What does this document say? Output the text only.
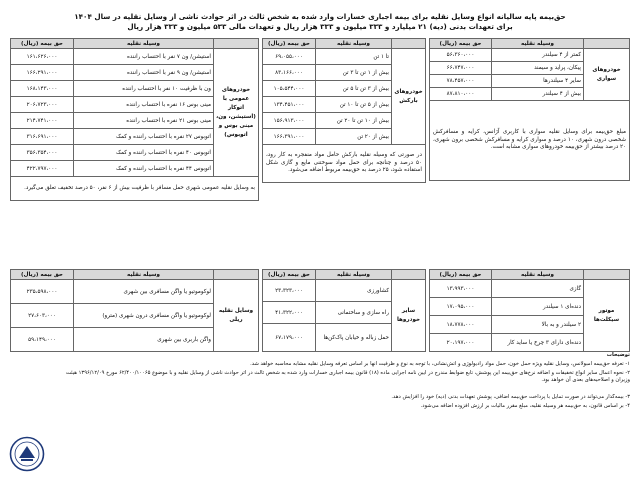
حق‌بیمه پایه سالیانه انواع وسایل نقلیه برای بیمه اجباری خسارات وارد شده به شخص ثالث در اثر حوادث ناشی از وسایل نقلیه در سال ۱۴۰۴
برای تعهدات بدنی (دیه) ۲۱ میلیارد و ۳۳۳ میلیون و ۳۳۳ هزار ریال و تعهدات مالی ۵۳۳ میلیون و ۳۳۳ هزار ریال
	وسیله نقلیه	حق بیمه (ریال)
خودروهای سواری	کمتر از ۴ سیلندر	۵۶،۳۶۰،۰۰۰
	پیکان، پراید و سیمند	۶۶،۷۴۷،۰۰۰
	سایر ۴ سیلندرها	۷۸،۴۵۷،۰۰۰
	بیش از ۴ سیلندر	۸۷،۸۱۰،۰۰۰
مبلغ حق‌بیمه برای وسایل نقلیه سواری با کاربری آژانس، کرایه و مسافرکش شخصی درون شهری، ۱۰ درصد و سواری کرایه و مسافرکش شخصی برون شهری، ۲۰ درصد بیشتر از حق‌بیمه خودروهای سواری مشابه است.		
	وسیله نقلیه	حق بیمه (ریال)
خودروهای بارکش	تا ۱ تن	۶۹،۰۵۵،۰۰۰
	بیش از ۱ تن تا ۳ تن	۸۳،۱۶۶،۰۰۰
	بیش از ۳ تن تا ۵ تن	۱۰۵،۵۴۴،۰۰۰
	بیش از ۵ تن تا ۱۰ تن	۱۳۴،۴۵۱،۰۰۰
	بیش از ۱۰ تن تا ۲۰ تن	۱۵۶،۹۱۳،۰۰۰
	بیش از ۲۰ تن	۱۶۶،۳۹۱،۰۰۰
در صورتی که وسیله نقلیه بارکش حامل مواد منفجره به کار رود، ۵۰ درصد و چنانچه برای حمل مواد سوختنی مایع و گازی شکل استفاده شود، ۲۵ درصد به حق‌بیمه مربوط اضافه می‌شود.		
	وسیله نقلیه	حق بیمه (ریال)
خودروهای عمومی با اتوکار (استیشن، ون، مینی بوس و اتوبوس)	استیشن/ ون ۷ نفر با احتساب راننده	۱۶۱،۶۲۶،۰۰۰
	استیشن/ ون ۹ نفر با احتساب راننده	۱۶۶،۲۹۱،۰۰۰
	ون با ظرفیت ۱۰ نفر با احتساب راننده	۱۶۸،۱۴۳،۰۰۰
	مینی بوس ۱۶ نفره با احتساب راننده	۲۰۶،۷۲۳،۰۰۰
	مینی بوس ۲۱ نفره با احتساب راننده	۲۱۴،۷۴۱،۰۰۰
	اتوبوس ۲۷ نفره با احتساب راننده و کمک	۳۱۶،۶۹۱،۰۰۰
	اتوبوس ۴۰ نفره با احتساب راننده و کمک	۳۵۶،۳۵۴،۰۰۰
	اتوبوس ۴۴ نفره با احتساب راننده و کمک	۴۲۲،۷۹۷،۰۰۰
به وسایل نقلیه عمومی شهری حمل مسافر با ظرفیت بیش از ۶ نفر، ۵۰ درصد تخفیف تعلق می‌گیرد.		
	وسیله نقلیه	حق بیمه (ریال)
موتور سیکلت‌ها	گازی	۱۳،۹۹۳،۰۰۰
	دنده‌ای ۱ سیلندر	۱۷،۰۹۵،۰۰۰
	۲ سیلندر و به بالا	۱۸،۷۷۸،۰۰۰
	دنده‌ای دارای ۳ چرخ یا ساید کار	۲۰،۱۹۷،۰۰۰
	وسیله نقلیه	حق بیمه (ریال)
سایر خودروها	کشاورزی	۲۳،۳۲۳،۰۰۰
	راه سازی و ساختمانی	۴۱،۳۲۲،۰۰۰
	حمل زباله و خیابان پاک‌کن‌ها	۶۷،۱۷۹،۰۰۰
	وسیله نقلیه	حق بیمه (ریال)
وسایل نقلیه ریلی	لوکوموتیو یا واگن مسافری بین شهری	۲۳۵،۵۹۸،۰۰۰
	لوکوموتیو یا واگن مسافری درون شهری (مترو)	۲۷،۶۰۳،۰۰۰
	واگن باربری بین شهری	۵۹،۱۴۹،۰۰۰
توضیحات
۱- تعرفه حق‌بیمه آمبولانس، وسایل نقلیه ویژه حمل خون، حمل مواد رادیولوژی و آتش‌نشانی، با توجه به نوع و ظرفیت آنها بر اساس تعرفه وسایل نقلیه مشابه محاسبه خواهد شد.
۲- نحوه اعمال سایر انواع تخفیفات و اضافه نرخ‌های حق‌بیمه این پوشش، تابع ضوابط مندرج در آیین نامه اجرایی ماده (۱۸) قانون بیمه اجباری خسارات وارد شده به شخص ثالث در اثر حوادث ناشی از وسایل نقلیه و با موضوع ۶۲/۴۰۰/۱۰۰۶۵ مورخ ۱۳۹۶/۱۲/۰۹ هیئت وزیران و اصلاحیه‌های بعدی آن خواهد بود.
۳- بیمه‌گذار می‌تواند در صورت تمایل با پرداخت حق‌بیمه اضافی، پوشش تعهدات بدنی (دیه) خود را افزایش دهد.
۴- بر اساس قانون، به حق‌بیمه هر وسیله نقلیه، مبلغ مقرر مالیات بر ارزش افزوده اضافه می‌شود.
